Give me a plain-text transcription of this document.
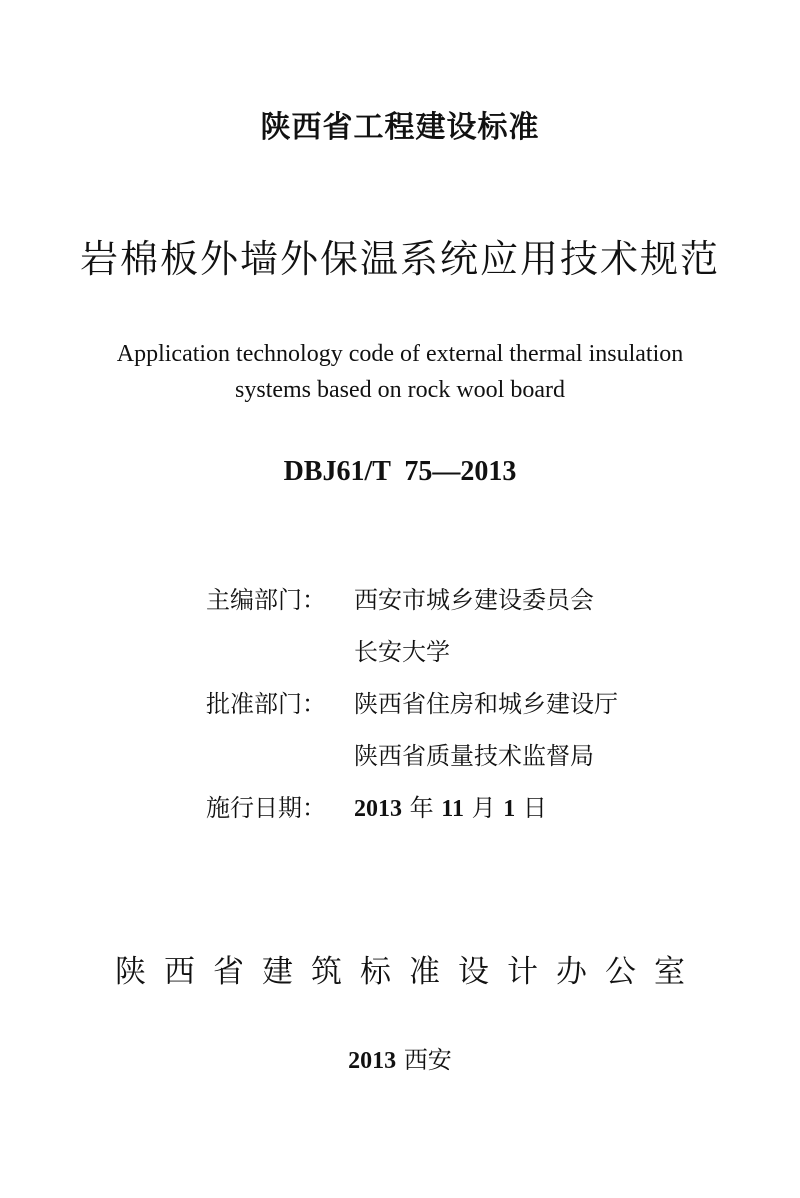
陕西省工程建设标准
岩棉板外墙外保温系统应用技术规范
Application technology code of external thermal insulation
systems based on rock wool board
DBJ61/T  75—2013
主编部门：	西安市城乡建设委员会
长安大学
批准部门：	陕西省住房和城乡建设厅
陕西省质量技术监督局
施行日期：	2013 年 11 月 1 日
陕西省建筑标准设计办公室
2013 西安
